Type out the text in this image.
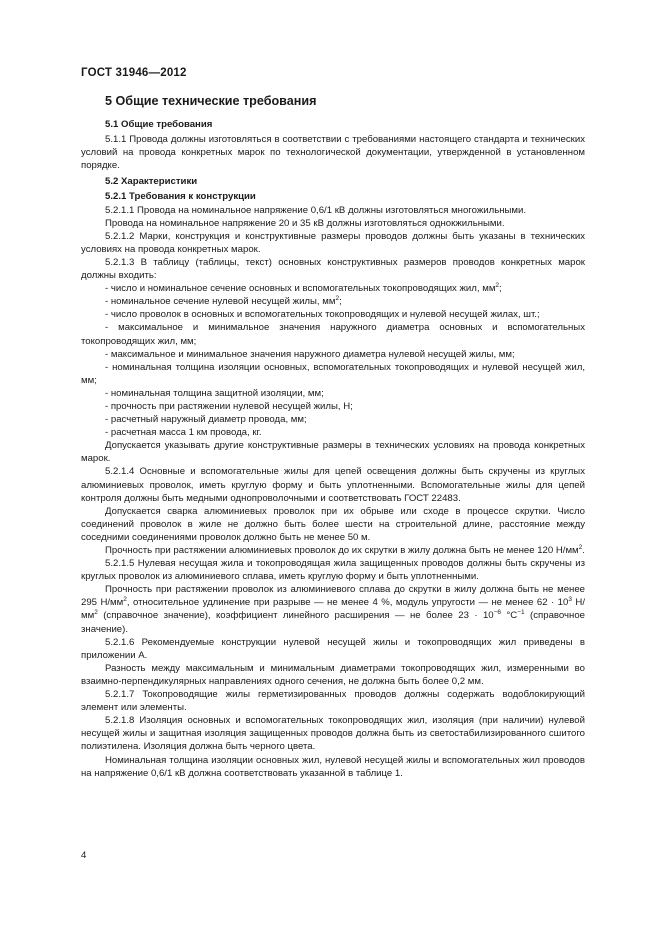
ГОСТ 31946—2012
5 Общие технические требования
5.1 Общие требования

5.1.1 Провода должны изготовляться в соответствии с требованиями настоящего стандарта и технических условий на провода конкретных марок по технологической документации, утвержденной в установленном порядке.

5.2 Характеристики
5.2.1 Требования к конструкции

5.2.1.1 Провода на номинальное напряжение 0,6/1 кВ должны изготовляться многожильными.

Провода на номинальное напряжение 20 и 35 кВ должны изготовляться однокжильными.

5.2.1.2 Марки, конструкция и конструктивные размеры проводов должны быть указаны в технических условиях на провода конкретных марок.

5.2.1.3 В таблицу (таблицы, текст) основных конструктивных размеров проводов конкретных марок должны входить:

- число и номинальное сечение основных и вспомогательных токопроводящих жил, $мм^2$;

- номинальное сечение нулевой несущей жилы, $мм^2$;

- число проволок в основных и вспомогательных токопроводящих и нулевой несущей жилах, шт.;

- максимальное и минимальное значения наружного диаметра основных и вспомогательных токопроводящих жил, мм;

- максимальное и минимальное значения наружного диаметра нулевой несущей жилы, мм;

- номинальная толщина изоляции основных, вспомогательных токопроводящих и нулевой несущей жил, мм;

- номинальная толщина защитной изоляции, мм;

- прочность при растяжении нулевой несущей жилы, Н;

- расчетный наружный диаметр провода, мм;

- расчетная масса 1 км провода, кг.

Допускается указывать другие конструктивные размеры в технических условиях на провода конкретных марок.

5.2.1.4 Основные и вспомогательные жилы для цепей освещения должны быть скручены из круглых алюминиевых проволок, иметь круглую форму и быть уплотненными. Вспомогательные жилы для цепей контроля должны быть медными однопроволочными и соответствовать ГОСТ 22483.

Допускается сварка алюминиевых проволок при их обрыве или сходе в процессе скрутки. Число соединений проволок в жиле не должно быть более шести на строительной длине, расстояние между соседними соединениями проволок должно быть не менее 50 м.

Прочность при растяжении алюминиевых проволок до их скрутки в жилу должна быть не менее 120 $Н/мм^2$.

5.2.1.5 Нулевая несущая жила и токопроводящая жила защищенных проводов должны быть скручены из круглых проволок из алюминиевого сплава, иметь круглую форму и быть уплотненными.

Прочность при растяжении проволок из алюминиевого сплава до скрутки в жилу должна быть не менее 295 $Н/мм^2$, относительное удлинение при разрыве — не менее 4 %, модуль упругости — не менее $62 \cdot 10^3$ $Н/мм^2$ (справочное значение), коэффициент линейного расширения — не более $23 \cdot 10^{-6}$ $^\circ С^{-1}$ (справочное значение).

5.2.1.6 Рекомендуемые конструкции нулевой несущей жилы и токопроводящих жил приведены в приложении А.

Разность между максимальным и минимальным диаметрами токопроводящих жил, измеренными во взаимно-перпендикулярных направлениях одного сечения, не должна быть более 0,2 мм.

5.2.1.7 Токопроводящие жилы герметизированных проводов должны содержать водоблокирующий элемент или элементы.

5.2.1.8 Изоляция основных и вспомогательных токопроводящих жил, изоляция (при наличии) нулевой несущей жилы и защитная изоляция защищенных проводов должна быть из светостабилизированного сшитого полиэтилена. Изоляция должна быть черного цвета.

Номинальная толщина изоляции основных жил, нулевой несущей жилы и вспомогательных жил проводов на напряжение 0,6/1 кВ должна соответствовать указанной в таблице 1.

4
